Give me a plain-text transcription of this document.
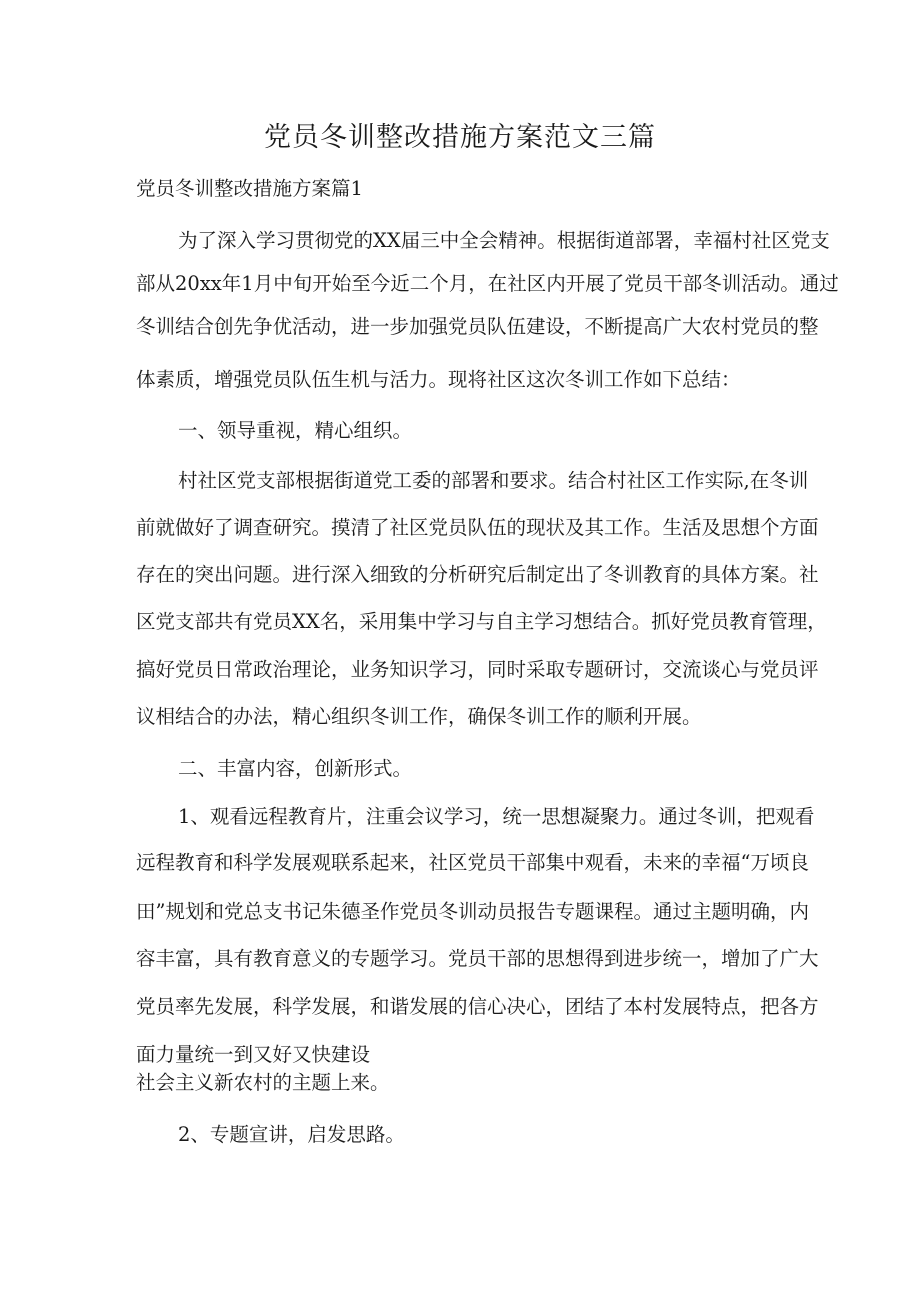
党员冬训整改措施方案范文三篇
党员冬训整改措施方案篇1

为了深入学习贯彻党的XX届三中全会精神。根据街道部署，幸福村社区党支

部从20xx年1月中旬开始至今近二个月，在社区内开展了党员干部冬训活动。通过

冬训结合创先争优活动，进一步加强党员队伍建设，不断提高广大农村党员的整

体素质，增强党员队伍生机与活力。现将社区这次冬训工作如下总结：

一、领导重视，精心组织。

村社区党支部根据街道党工委的部署和要求。结合村社区工作实际,在冬训

前就做好了调查研究。摸清了社区党员队伍的现状及其工作。生活及思想个方面

存在的突出问题。进行深入细致的分析研究后制定出了冬训教育的具体方案。社

区党支部共有党员XX名，采用集中学习与自主学习想结合。抓好党员教育管理，

搞好党员日常政治理论，业务知识学习，同时采取专题研讨，交流谈心与党员评

议相结合的办法，精心组织冬训工作，确保冬训工作的顺利开展。

二、丰富内容，创新形式。

1、观看远程教育片，注重会议学习，统一思想凝聚力。通过冬训，把观看

远程教育和科学发展观联系起来，社区党员干部集中观看，未来的幸福“万顷良

田”规划和党总支书记朱德圣作党员冬训动员报告专题课程。通过主题明确，内

容丰富，具有教育意义的专题学习。党员干部的思想得到进步统一，增加了广大

党员率先发展，科学发展，和谐发展的信心决心，团结了本村发展特点，把各方

面力量统一到又好又快建设

社会主义新农村的主题上来。

2、专题宣讲，启发思路。
